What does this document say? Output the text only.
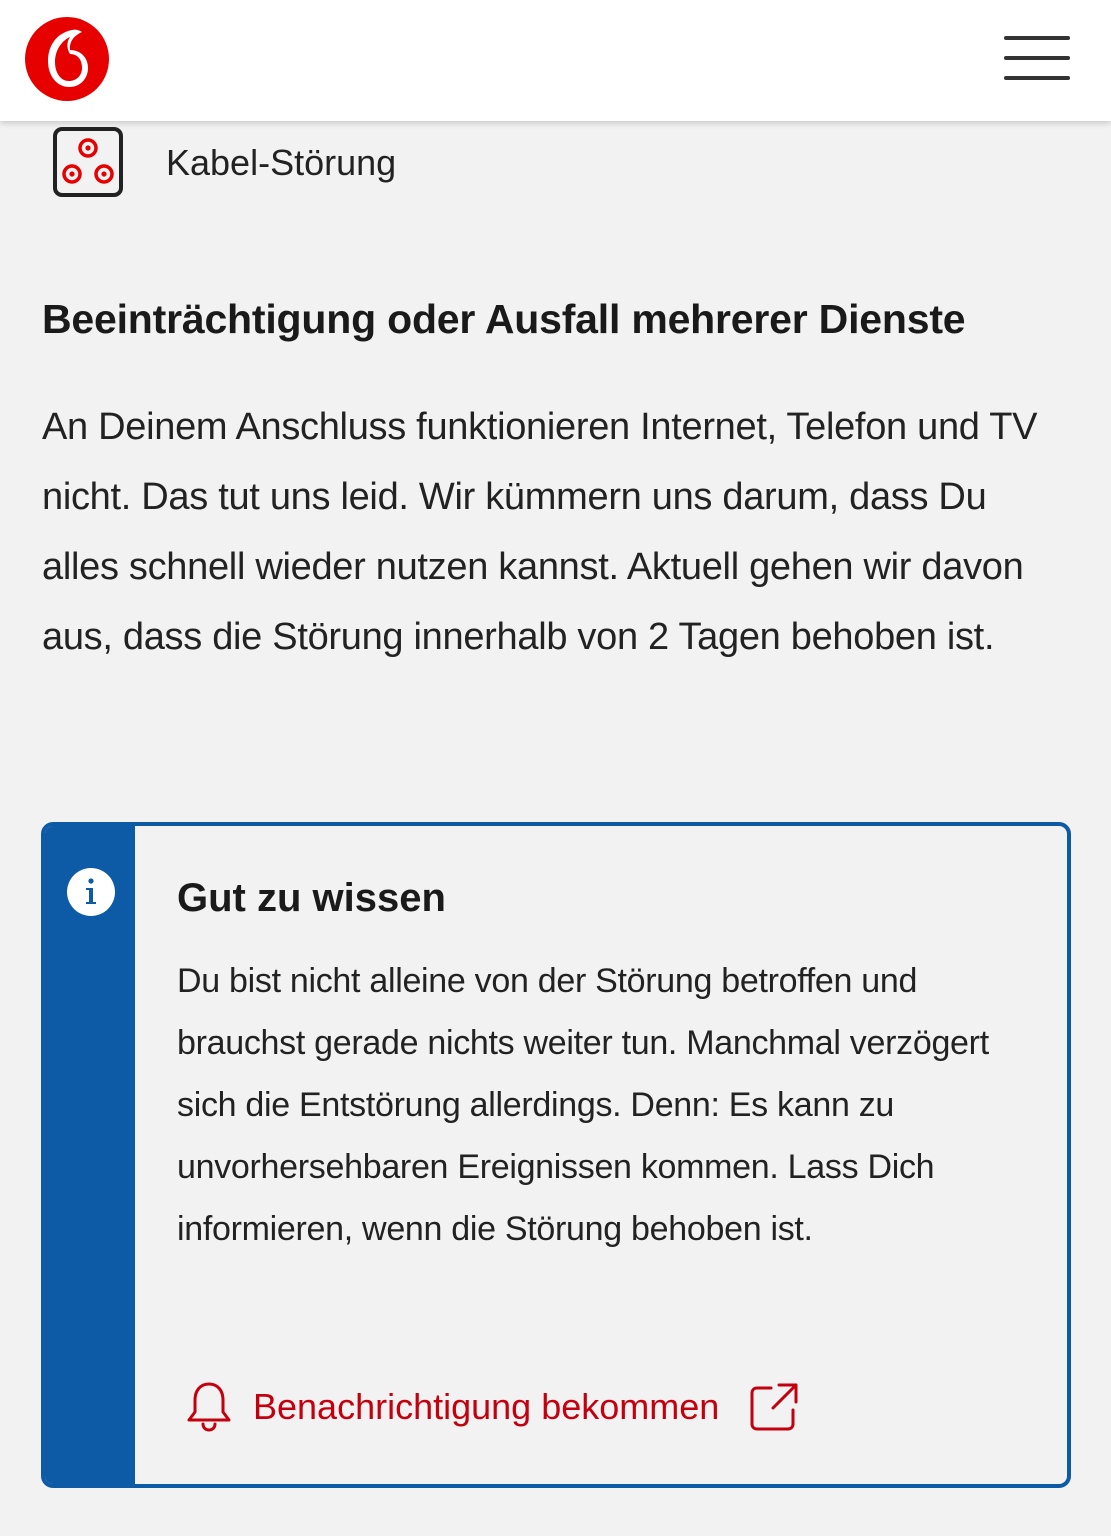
Kabel-Störung
Beeinträchtigung oder Ausfall mehrerer Dienste

An Deinem Anschluss funktionieren Internet, Telefon und TV nicht. Das tut uns leid. Wir kümmern uns darum, dass Du alles schnell wieder nutzen kannst. Aktuell gehen wir davon aus, dass die Störung innerhalb von 2 Tagen behoben ist.

Gut zu wissen

Du bist nicht alleine von der Störung betroffen und brauchst gerade nichts weiter tun. Manchmal verzögert sich die Entstörung allerdings. Denn: Es kann zu unvorhersehbaren Ereignissen kommen. Lass Dich informieren, wenn die Störung behoben ist.

Benachrichtigung bekommen
